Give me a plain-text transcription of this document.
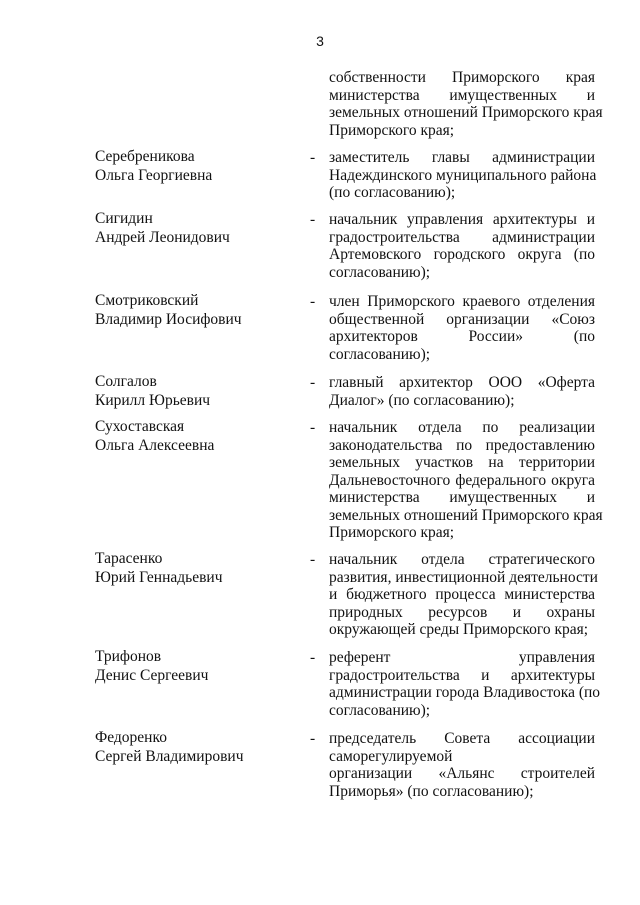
3
собственности Приморского края
министерства имущественных и
земельных отношений Приморского края
Приморского края;
Серебреникова
Ольга Георгиевна
- заместитель главы администрации
Надеждинского муниципального района
(по согласованию);
Сигидин
Андрей Леонидович
- начальник управления архитектуры и
градостроительства администрации
Артемовского городского округа (по
согласованию);
Смотриковский
Владимир Иосифович
- член Приморского краевого отделения
общественной организации «Союз
архитекторов России» (по
согласованию);
Солгалов
Кирилл Юрьевич
- главный архитектор ООО «Оферта
Диалог» (по согласованию);
Сухоставская
Ольга Алексеевна
- начальник отдела по реализации
законодательства по предоставлению
земельных участков на территории
Дальневосточного федерального округа
министерства имущественных и
земельных отношений Приморского края
Приморского края;
Тарасенко
Юрий Геннадьевич
- начальник отдела стратегического
развития, инвестиционной деятельности
и бюджетного процесса министерства
природных ресурсов и охраны
окружающей среды Приморского края;
Трифонов
Денис Сергеевич
- референт управления
градостроительства и архитектуры
администрации города Владивостока (по
согласованию);
Федоренко
Сергей Владимирович
- председатель Совета ассоциации
саморегулируемой
организации «Альянс строителей
Приморья» (по согласованию);
